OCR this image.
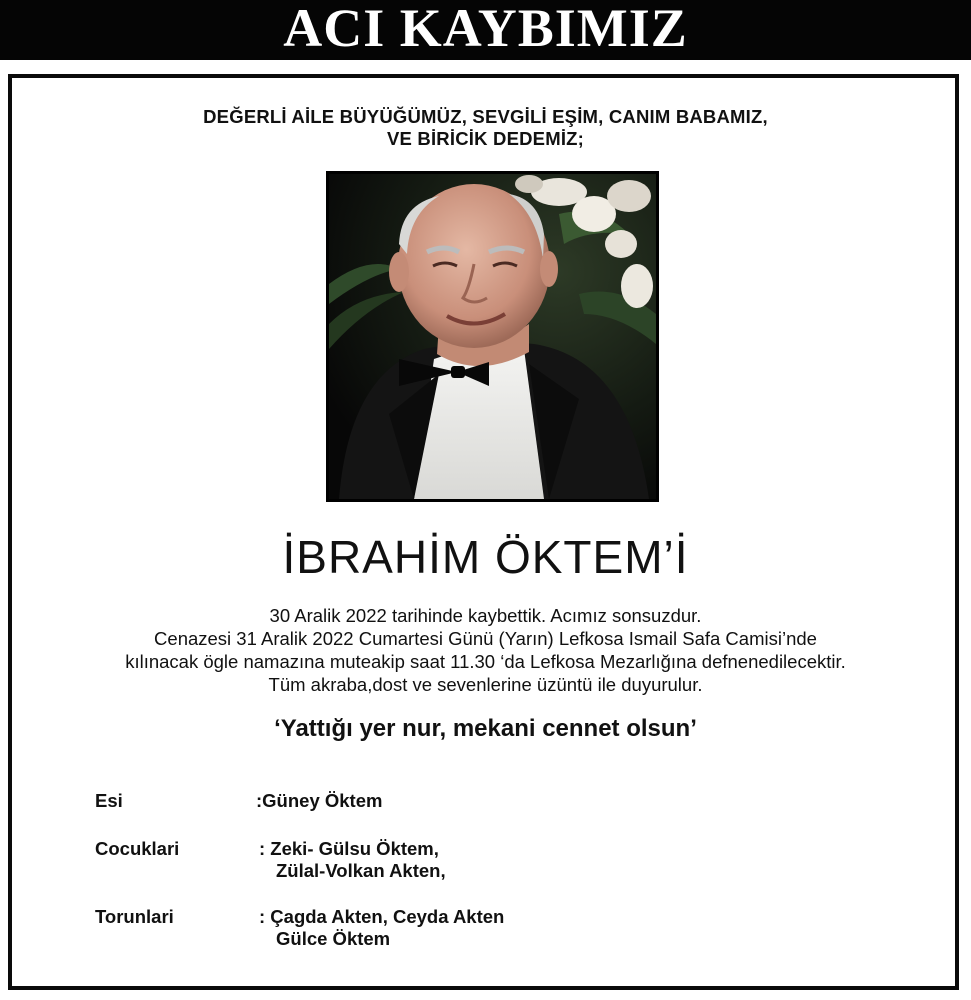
ACI KAYBIMIZ
DEĞERLİ AİLE BÜYÜĞÜMÜZ, SEVGİLİ EŞİM, CANIM BABAMIZ,
VE BİRİCİK DEDEMİZ;
İBRAHİM ÖKTEM’İ
30 Aralik 2022 tarihinde kaybettik. Acımız sonsuzdur.
Cenazesi 31 Aralik 2022 Cumartesi Günü (Yarın) Lefkosa Ismail Safa Camisi’nde
kılınacak ögle namazına muteakip saat 11.30 ‘da Lefkosa Mezarlığına defnenedilecektir.
Tüm akraba,dost ve sevenlerine üzüntü ile duyurulur.
‘Yattığı yer nur, mekani cennet olsun’
Esi	:Güney Öktem
Cocuklari	: Zeki- Gülsu Öktem,
Zülal-Volkan Akten,
Torunlari	: Çagda Akten, Ceyda Akten
Gülce Öktem
